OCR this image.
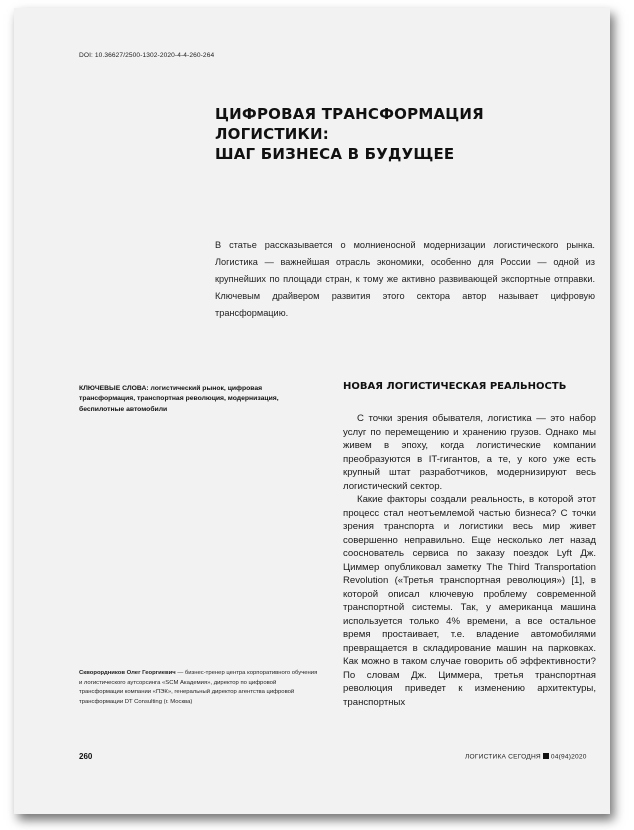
DOI: 10.36627/2500-1302-2020-4-4-260-264
ЦИФРОВАЯ ТРАНСФОРМАЦИЯ ЛОГИСТИКИ:
ШАГ БИЗНЕСА В БУДУЩЕЕ

В статье рассказывается о молниеносной модернизации логистического рынка. Логистика — важнейшая отрасль экономики, особенно для России — одной из крупнейших по площади стран, к тому же активно развивающей экспортные отправки. Ключевым драйвером развития этого сектора автор называет цифровую трансформацию.

КЛЮЧЕВЫЕ СЛОВА: логистический рынок, цифровая трансформация, транспортная революция, модернизация, беспилотные автомобили

НОВАЯ ЛОГИСТИЧЕСКАЯ РЕАЛЬНОСТЬ

С точки зрения обывателя, логистика — это набор услуг по перемещению и хранению грузов. Однако мы живем в эпоху, когда логистические компании преобразуются в IT-гигантов, а те, у кого уже есть крупный штат разработчиков, модернизируют весь логистический сектор.

Какие факторы создали реальность, в которой этот процесс стал неотъемлемой частью бизнеса? С точки зрения транспорта и логистики весь мир живет совершенно неправильно. Еще несколько лет назад сооснователь сервиса по заказу поездок Lyft Дж. Циммер опубликовал заметку The Third Transportation Revolution («Третья транспортная революция») [1], в которой описал ключевую проблему современной транспортной системы. Так, у американца машина используется только 4% времени, а все остальное время простаивает, т.е. владение автомобилями превращается в складирование машин на парковках. Как можно в таком случае говорить об эффективности? По словам Дж. Циммера, третья транспортная революция приведет к изменению архитектуры, транспортных

Скворордников Олег Георгиевич — бизнес-тренер центра корпоративного обучения и логистического аутсорсинга «SCM Академия», директор по цифровой трансформации компании «ПЭК», генеральный директор агентства цифровой трансформации DT Consulting (г. Москва)

260	ЛОГИСТИКА СЕГОДНЯ 04(94)2020
